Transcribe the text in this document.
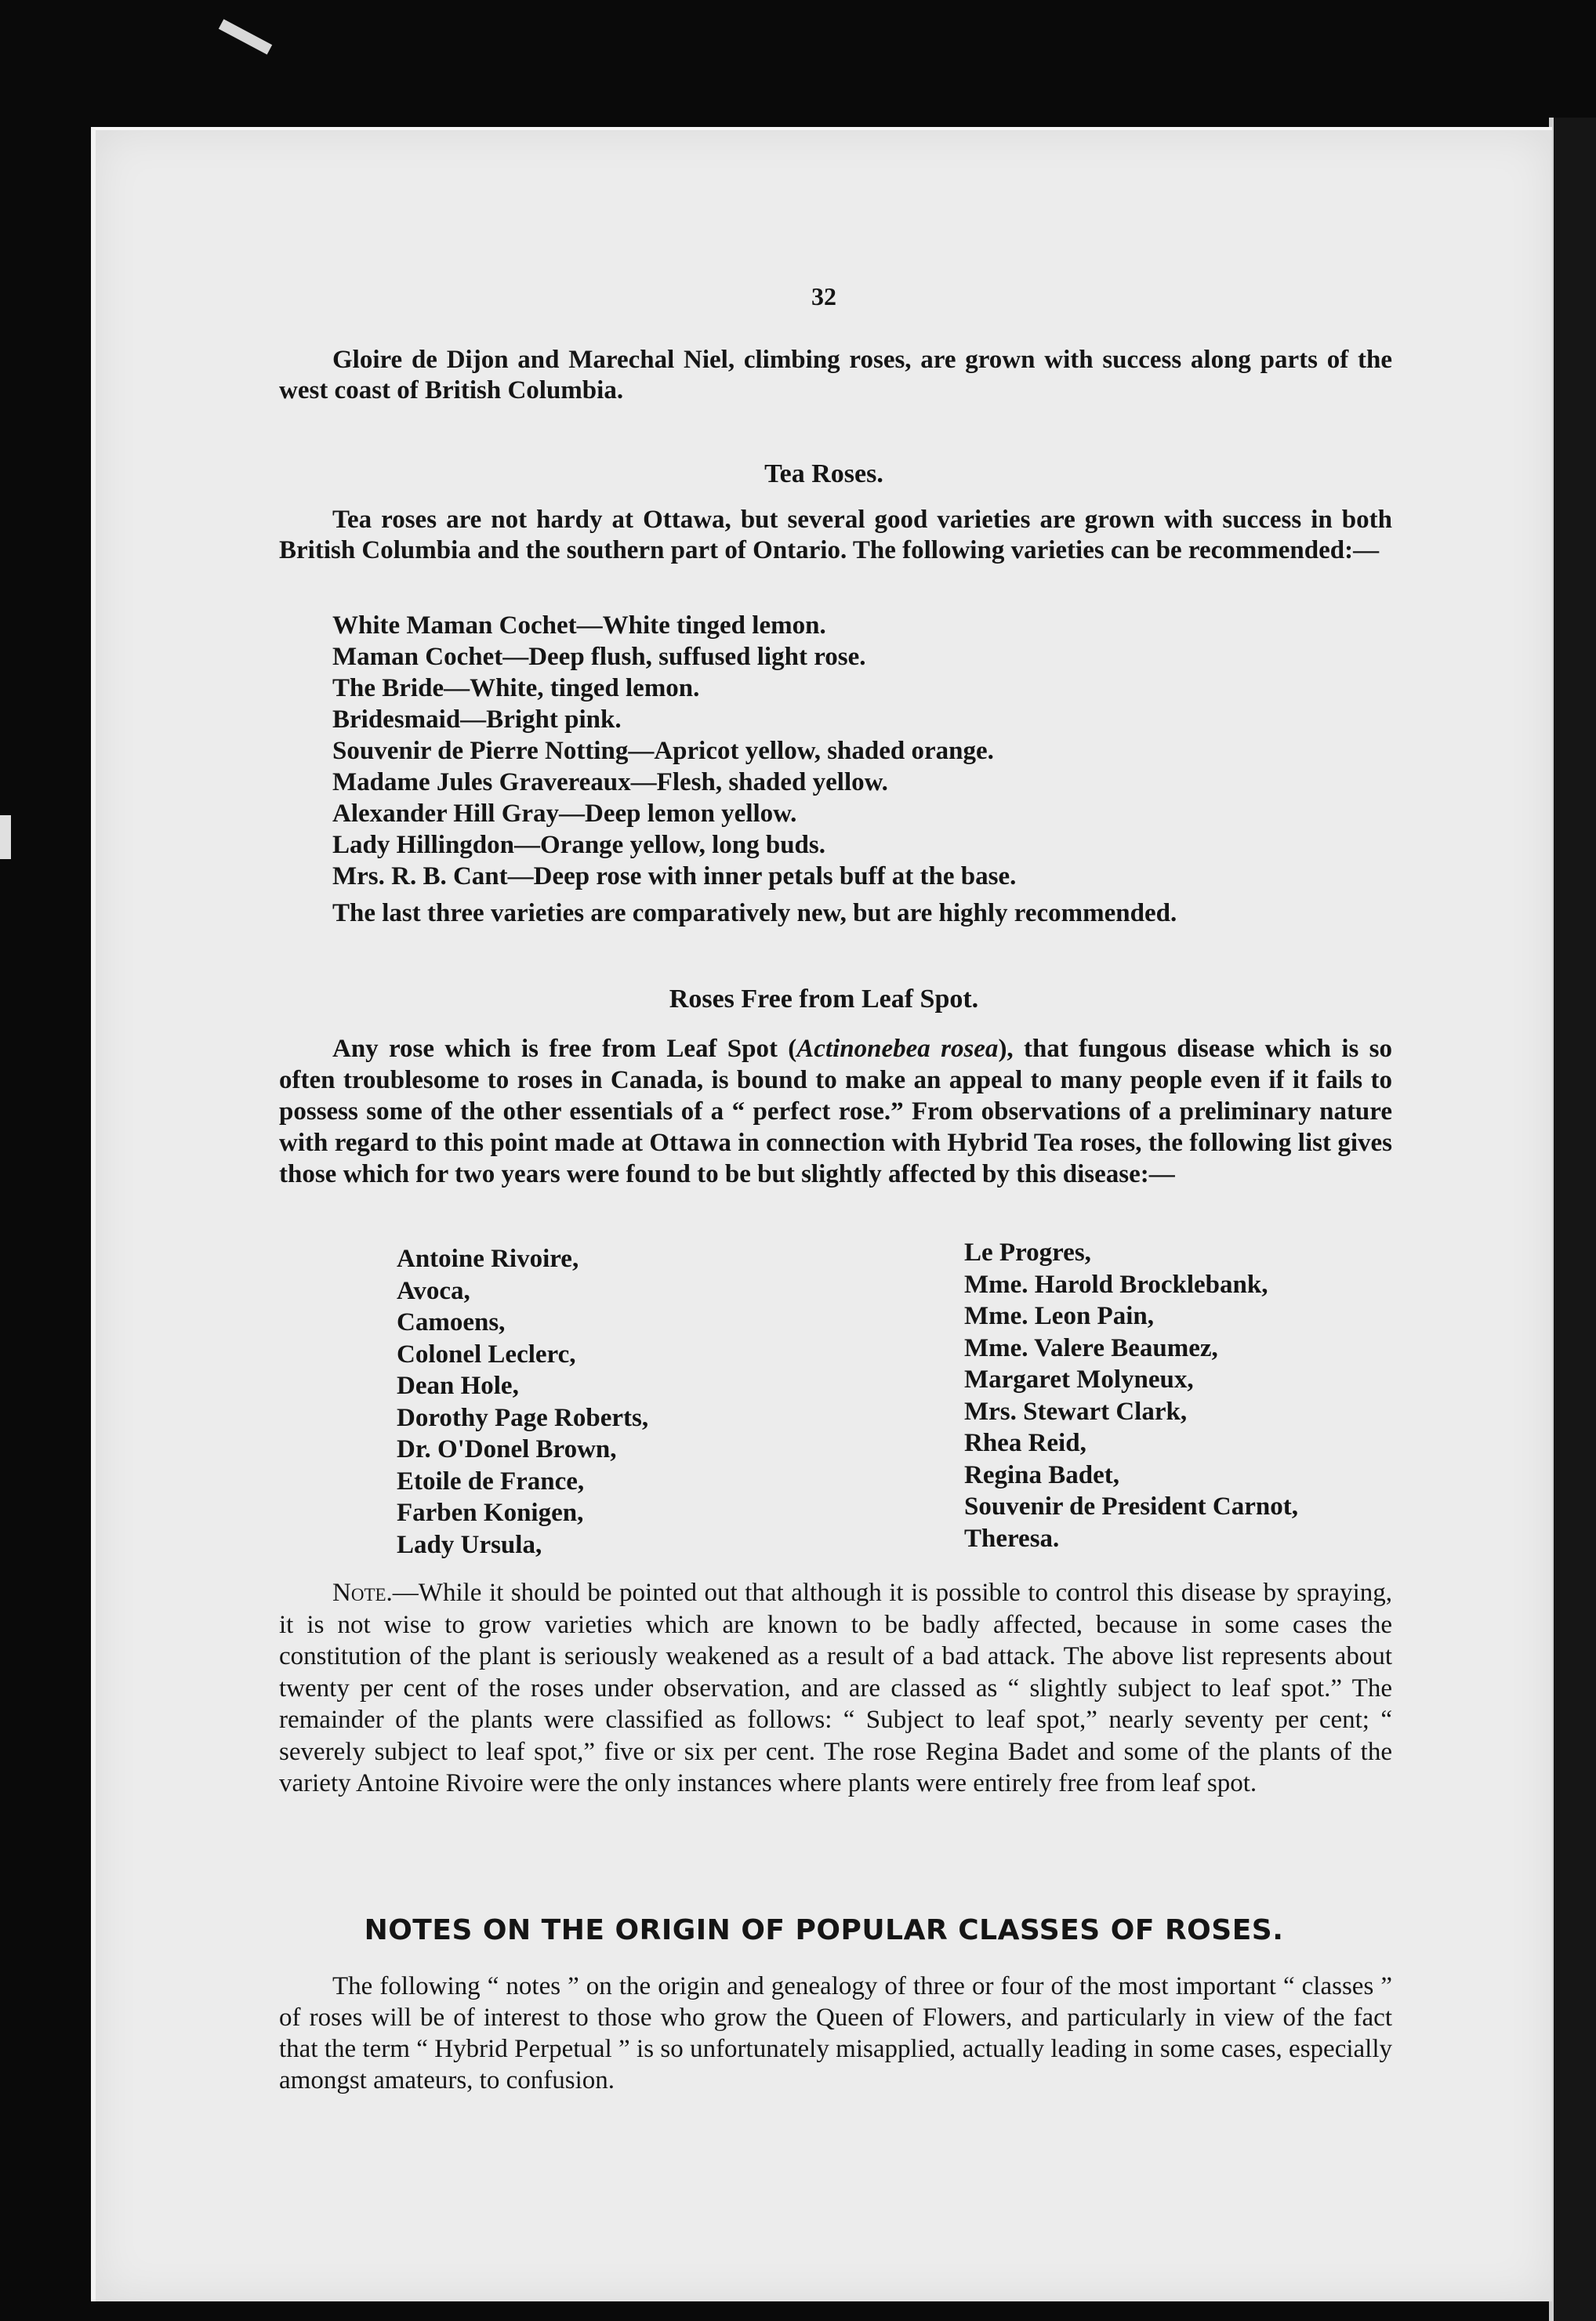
32

Gloire de Dijon and Marechal Niel, climbing roses, are grown with success along parts of the west coast of British Columbia.

Tea Roses.

Tea roses are not hardy at Ottawa, but several good varieties are grown with success in both British Columbia and the southern part of Ontario. The following varieties can be recommended:—

White Maman Cochet—White tinged lemon.
Maman Cochet—Deep flush, suffused light rose.
The Bride—White, tinged lemon.
Bridesmaid—Bright pink.
Souvenir de Pierre Notting—Apricot yellow, shaded orange.
Madame Jules Gravereaux—Flesh, shaded yellow.
Alexander Hill Gray—Deep lemon yellow.
Lady Hillingdon—Orange yellow, long buds.
Mrs. R. B. Cant—Deep rose with inner petals buff at the base.

The last three varieties are comparatively new, but are highly recommended.

Roses Free from Leaf Spot.

Any rose which is free from Leaf Spot (Actinonebea rosea), that fungous disease which is so often troublesome to roses in Canada, is bound to make an appeal to many people even if it fails to possess some of the other essentials of a “ perfect rose.” From observations of a preliminary nature with regard to this point made at Ottawa in connection with Hybrid Tea roses, the following list gives those which for two years were found to be but slightly affected by this disease:—

Antoine Rivoire,
Avoca,
Camoens,
Colonel Leclerc,
Dean Hole,
Dorothy Page Roberts,
Dr. O'Donel Brown,
Etoile de France,
Farben Konigen,
Lady Ursula,
Le Progres,
Mme. Harold Brocklebank,
Mme. Leon Pain,
Mme. Valere Beaumez,
Margaret Molyneux,
Mrs. Stewart Clark,
Rhea Reid,
Regina Badet,
Souvenir de President Carnot,
Theresa.

Note.—While it should be pointed out that although it is possible to control this disease by spraying, it is not wise to grow varieties which are known to be badly affected, because in some cases the constitution of the plant is seriously weakened as a result of a bad attack. The above list represents about twenty per cent of the roses under observation, and are classed as “ slightly subject to leaf spot.” The remainder of the plants were classified as follows: “ Subject to leaf spot,” nearly seventy per cent; “ severely subject to leaf spot,” five or six per cent. The rose Regina Badet and some of the plants of the variety Antoine Rivoire were the only instances where plants were entirely free from leaf spot.

NOTES ON THE ORIGIN OF POPULAR CLASSES OF ROSES.

The following “ notes ” on the origin and genealogy of three or four of the most important “ classes ” of roses will be of interest to those who grow the Queen of Flowers, and particularly in view of the fact that the term “ Hybrid Perpetual ” is so unfortunately misapplied, actually leading in some cases, especially amongst amateurs, to confusion.
